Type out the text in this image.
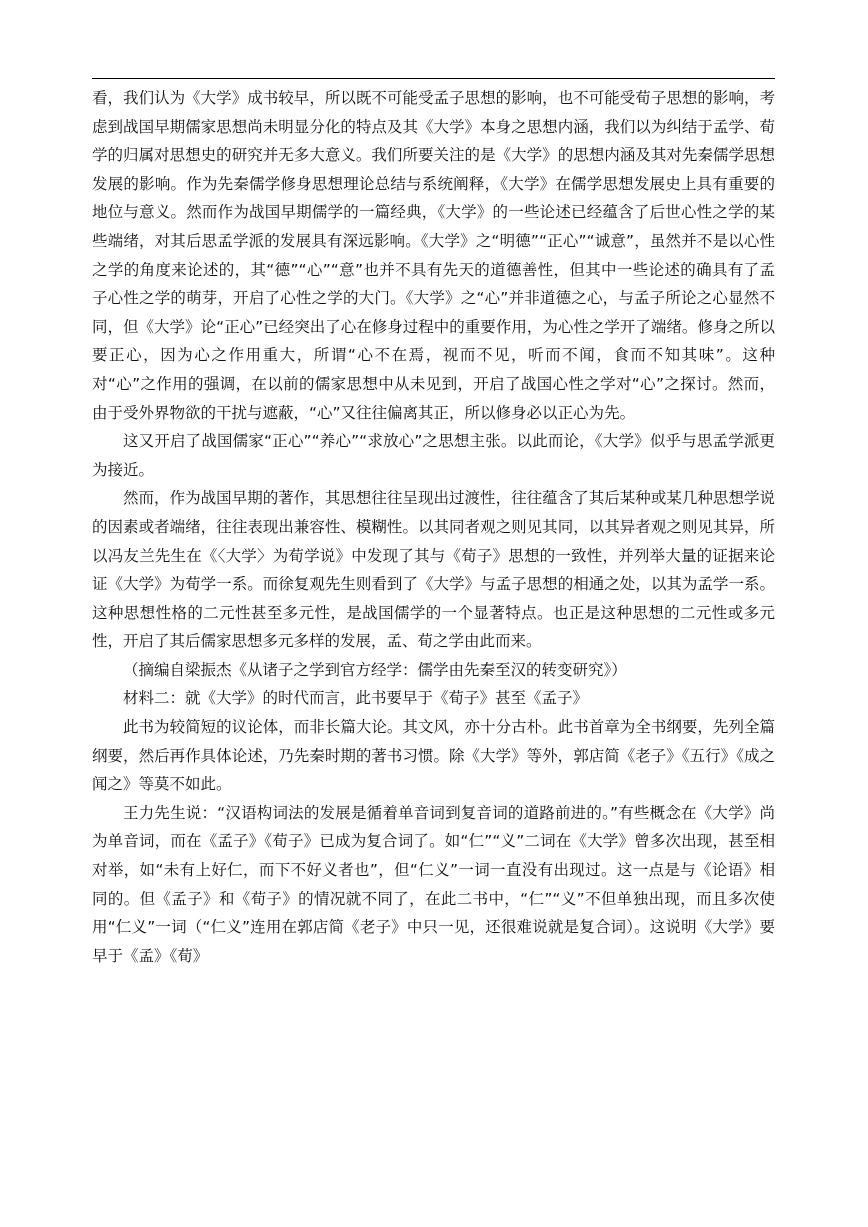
看，我们认为《大学》成书较早，所以既不可能受孟子思想的影响，也不可能受荀子思想的影响，考虑到战国早期儒家思想尚未明显分化的特点及其《大学》本身之思想内涵，我们以为纠结于孟学、荀学的归属对思想史的研究并无多大意义。我们所要关注的是《大学》的思想内涵及其对先秦儒学思想发展的影响。作为先秦儒学修身思想理论总结与系统阐释，《大学》在儒学思想发展史上具有重要的地位与意义。然而作为战国早期儒学的一篇经典，《大学》的一些论述已经蕴含了后世心性之学的某些端绪，对其后思孟学派的发展具有深远影响。《大学》之“明德”“正心”“诚意”，虽然并不是以心性之学的角度来论述的，其“德”“心”“意”也并不具有先天的道德善性，但其中一些论述的确具有了孟子心性之学的萌芽，开启了心性之学的大门。《大学》之“心”并非道德之心，与孟子所论之心显然不同，但《大学》论“正心”已经突出了心在修身过程中的重要作用，为心性之学开了端绪。修身之所以要正心，因为心之作用重大，所谓“心不在焉，视而不见，听而不闻，食而不知其味”。这种对“心”之作用的强调，在以前的儒家思想中从未见到，开启了战国心性之学对“心”之探讨。然而，由于受外界物欲的干扰与遮蔽，“心”又往往偏离其正，所以修身必以正心为先。

这又开启了战国儒家“正心”“养心”“求放心”之思想主张。以此而论，《大学》似乎与思孟学派更为接近。

然而，作为战国早期的著作，其思想往往呈现出过渡性，往往蕴含了其后某种或某几种思想学说的因素或者端绪，往往表现出兼容性、模糊性。以其同者观之则见其同，以其异者观之则见其异，所以冯友兰先生在《〈大学〉为荀学说》中发现了其与《荀子》思想的一致性，并列举大量的证据来论证《大学》为荀学一系。而徐复观先生则看到了《大学》与孟子思想的相通之处，以其为孟学一系。这种思想性格的二元性甚至多元性，是战国儒学的一个显著特点。也正是这种思想的二元性或多元性，开启了其后儒家思想多元多样的发展，孟、荀之学由此而来。

（摘编自梁振杰《从诸子之学到官方经学：儒学由先秦至汉的转变研究》）

材料二：就《大学》的时代而言，此书要早于《荀子》甚至《孟子》

此书为较简短的议论体，而非长篇大论。其文风，亦十分古朴。此书首章为全书纲要，先列全篇纲要，然后再作具体论述，乃先秦时期的著书习惯。除《大学》等外，郭店简《老子》《五行》《成之闻之》等莫不如此。

王力先生说：“汉语构词法的发展是循着单音词到复音词的道路前进的。”有些概念在《大学》尚为单音词，而在《孟子》《荀子》已成为复合词了。如“仁”“义”二词在《大学》曾多次出现，甚至相对举，如“未有上好仁，而下不好义者也”，但“仁义”一词一直没有出现过。这一点是与《论语》相同的。但《孟子》和《荀子》的情况就不同了，在此二书中，“仁”“义”不但单独出现，而且多次使用“仁义”一词（“仁义”连用在郭店简《老子》中只一见，还很难说就是复合词）。这说明《大学》要早于《孟》《荀》
